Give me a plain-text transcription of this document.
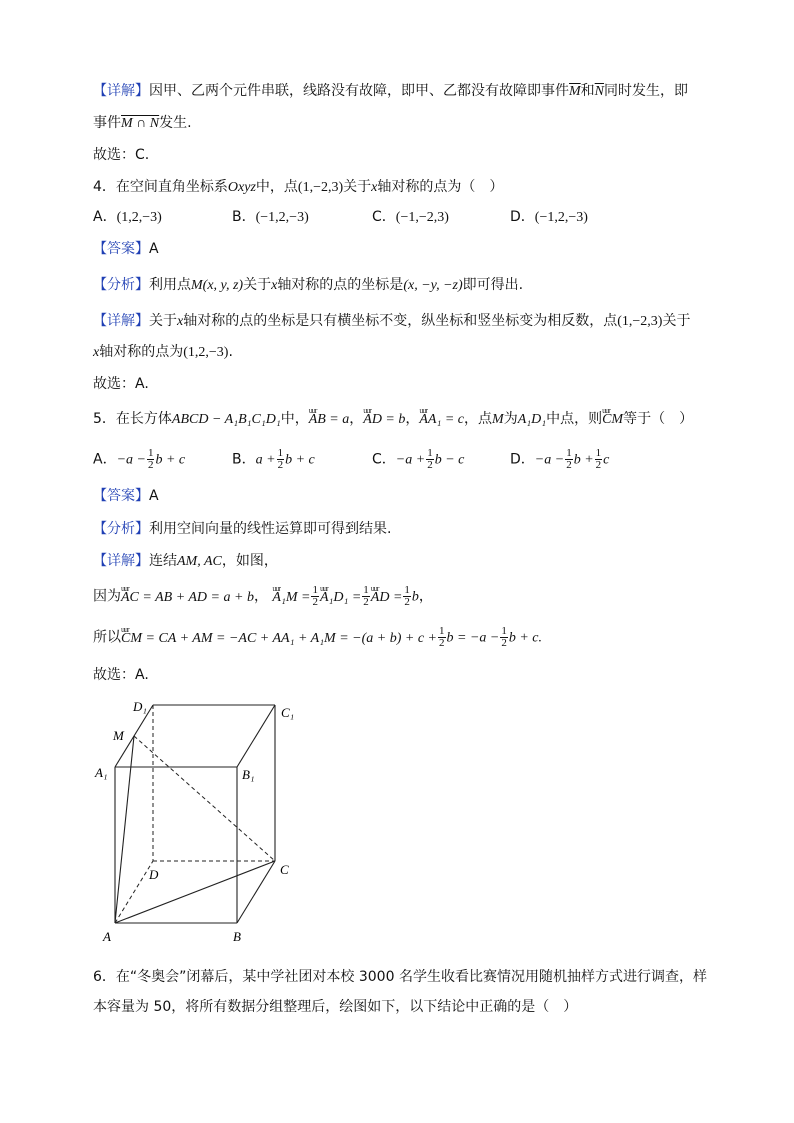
【详解】因甲、乙两个元件串联，线路没有故障，即甲、乙都没有故障即事件$\overline{M}$和$\overline{N}$同时发生，即
事件M ∩ N发生.
故选：C.
4．在空间直角坐标系Oxyz中，点(1,−2,3)关于x轴对称的点为（　）
A．(1,2,−3)	B．(−1,2,−3)	C．(−1,−2,3)	D．(−1,2,−3)
【答案】A
【分析】利用点M(x, y, z)关于x轴对称的点的坐标是(x, −y, −z)即可得出.
【详解】关于x轴对称的点的坐标是只有横坐标不变，纵坐标和竖坐标变为相反数，点(1,−2,3)关于
x轴对称的点为(1,2,−3).
故选：A.
5．在长方体ABCD − A₁B₁C₁D₁中，uur AB = a，uur AD = b，uur AA₁ = c，点M为A₁D₁中点，则uur CM等于（　）
A．$-a - \frac{1}{2}$ b + c	B．$a + \frac{1}{2}$ b + c	C．$-a + \frac{1}{2}$ b − c	D．$-a - \frac{1}{2}$ $b + \frac{1}{2}$ c
【答案】A
【分析】利用空间向量的线性运算即可得到结果.
【详解】连结AM, AC，如图，
因为uur AC = AB + AD = a + b， uur $A_1M = \frac{1}{2}$ uur $A_1D_1 = \frac{1}{2}$ uur AD = $\frac{1}{2}$ b，
所以uur CM = CA + AM = $-AC + AA_1 + A_1M = -(a + b) + c + \frac{1}{2}$ $b = -a - \frac{1}{2}$ b + c.
故选：A.
D₁	C₁
M
A₁	B₁
D	C
A	B
6．在“冬奥会”闭幕后，某中学社团对本校 3000 名学生收看比赛情况用随机抽样方式进行调查，样
本容量为 50，将所有数据分组整理后，绘图如下，以下结论中正确的是（　）
